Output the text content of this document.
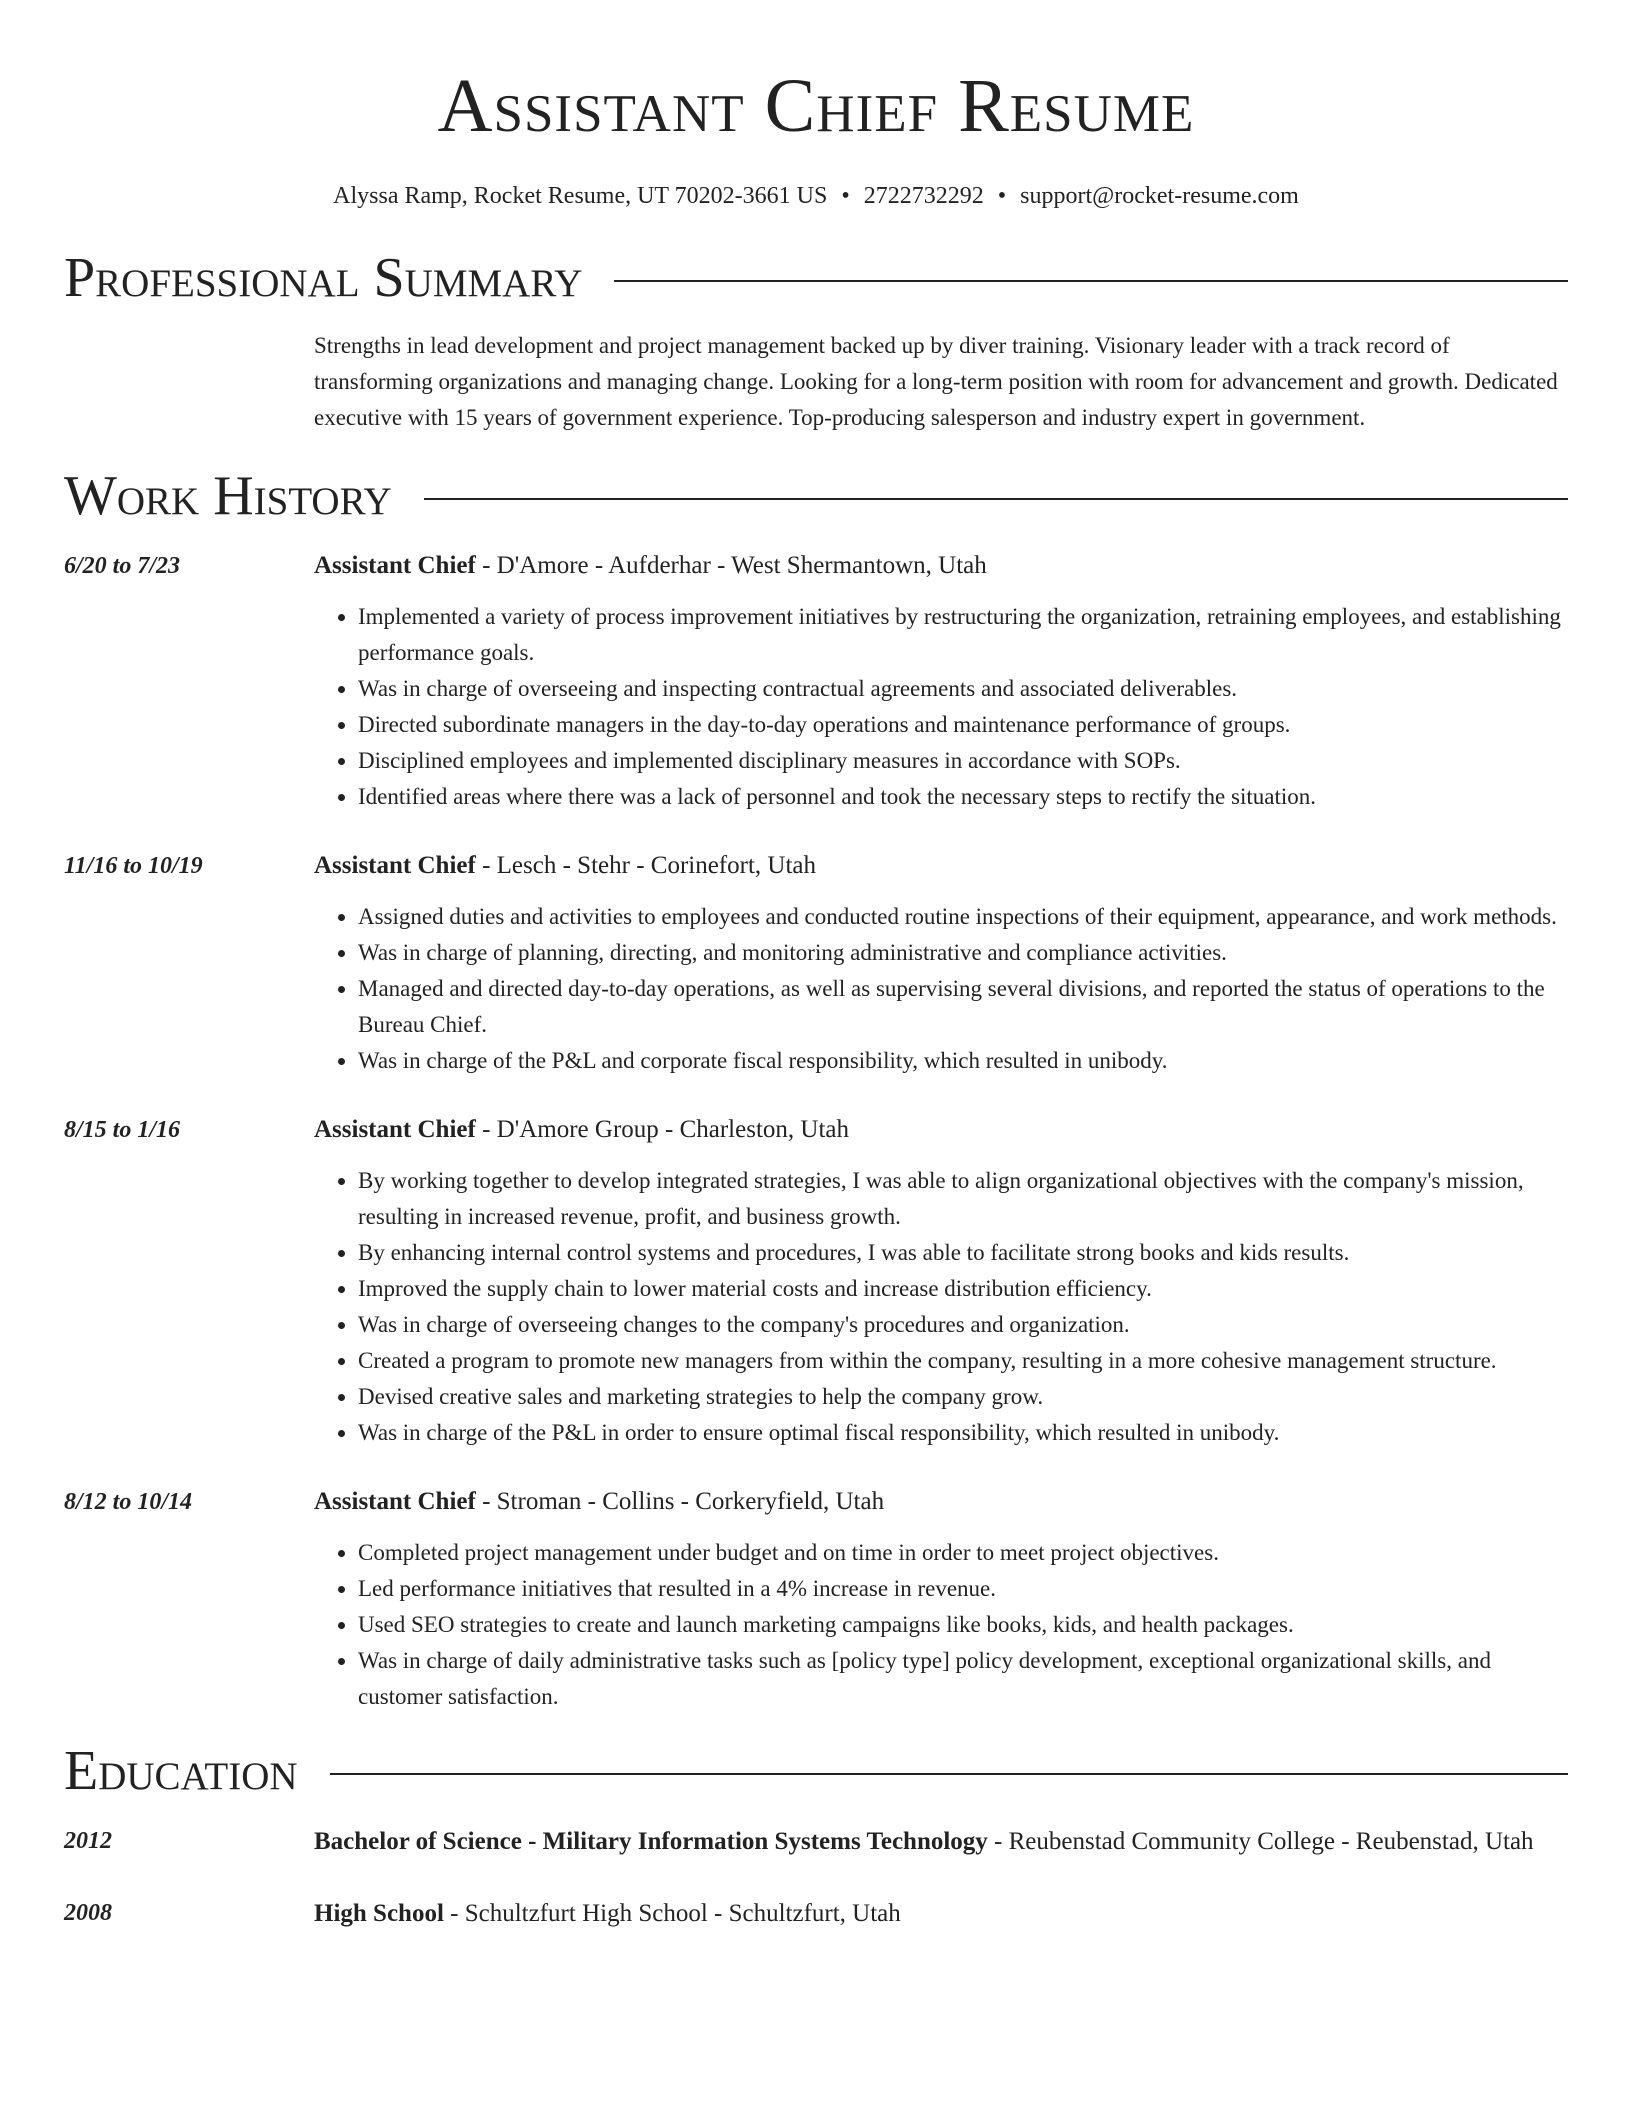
Assistant Chief Resume
Alyssa Ramp, Rocket Resume, UT 70202-3661 US • 2722732292 • support@rocket-resume.com
Professional Summary
Strengths in lead development and project management backed up by diver training. Visionary leader with a track record of transforming organizations and managing change. Looking for a long-term position with room for advancement and growth. Dedicated executive with 15 years of government experience. Top-producing salesperson and industry expert in government.
Work History
6/20 to 7/23	Assistant Chief - D'Amore - Aufderhar - West Shermantown, Utah
• Implemented a variety of process improvement initiatives by restructuring the organization, retraining employees, and establishing performance goals.
• Was in charge of overseeing and inspecting contractual agreements and associated deliverables.
• Directed subordinate managers in the day-to-day operations and maintenance performance of groups.
• Disciplined employees and implemented disciplinary measures in accordance with SOPs.
• Identified areas where there was a lack of personnel and took the necessary steps to rectify the situation.
11/16 to 10/19	Assistant Chief - Lesch - Stehr - Corinefort, Utah
• Assigned duties and activities to employees and conducted routine inspections of their equipment, appearance, and work methods.
• Was in charge of planning, directing, and monitoring administrative and compliance activities.
• Managed and directed day-to-day operations, as well as supervising several divisions, and reported the status of operations to the Bureau Chief.
• Was in charge of the P&L and corporate fiscal responsibility, which resulted in unibody.
8/15 to 1/16	Assistant Chief - D'Amore Group - Charleston, Utah
• By working together to develop integrated strategies, I was able to align organizational objectives with the company's mission, resulting in increased revenue, profit, and business growth.
• By enhancing internal control systems and procedures, I was able to facilitate strong books and kids results.
• Improved the supply chain to lower material costs and increase distribution efficiency.
• Was in charge of overseeing changes to the company's procedures and organization.
• Created a program to promote new managers from within the company, resulting in a more cohesive management structure.
• Devised creative sales and marketing strategies to help the company grow.
• Was in charge of the P&L in order to ensure optimal fiscal responsibility, which resulted in unibody.
8/12 to 10/14	Assistant Chief - Stroman - Collins - Corkeryfield, Utah
• Completed project management under budget and on time in order to meet project objectives.
• Led performance initiatives that resulted in a 4% increase in revenue.
• Used SEO strategies to create and launch marketing campaigns like books, kids, and health packages.
• Was in charge of daily administrative tasks such as [policy type] policy development, exceptional organizational skills, and customer satisfaction.
Education
2012	Bachelor of Science - Military Information Systems Technology - Reubenstad Community College - Reubenstad, Utah
2008	High School - Schultzfurt High School - Schultzfurt, Utah
